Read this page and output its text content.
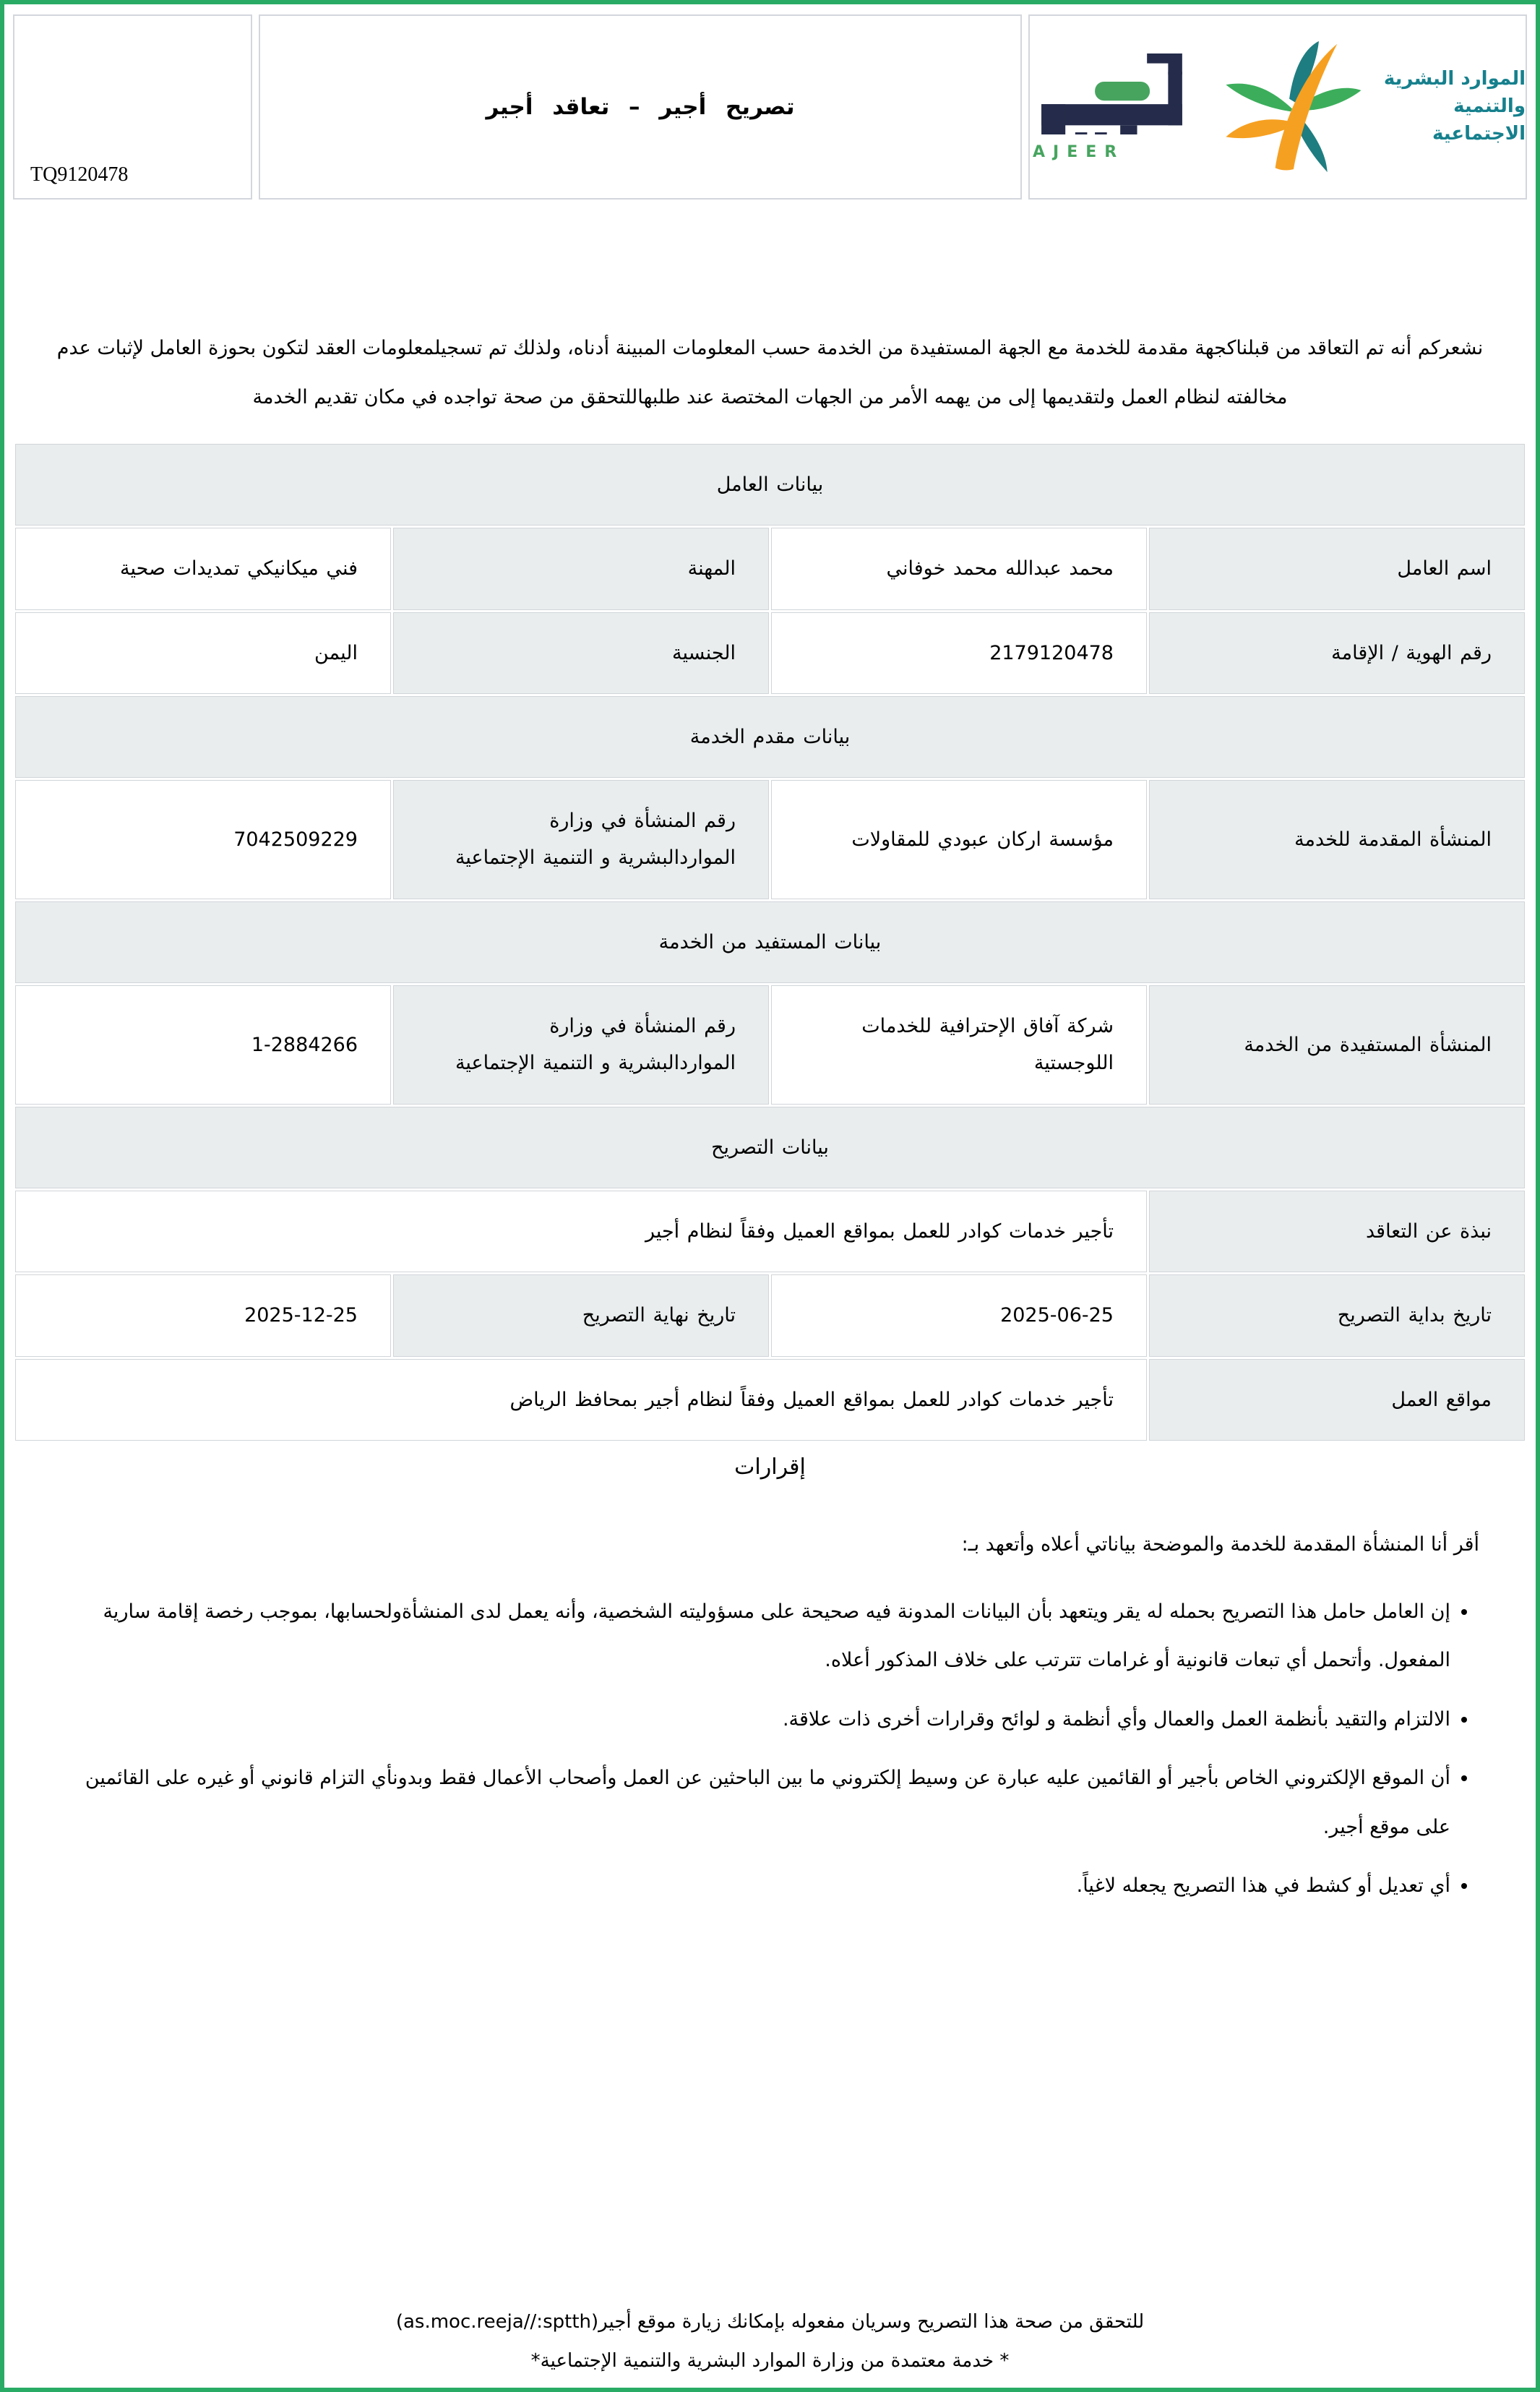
الموارد البشرية
والتنمية الاجتماعية
AJEER
تصريح أجير – تعاقد أجير
TQ9120478
نشعركم أنه تم التعاقد من قبلناكجهة مقدمة للخدمة مع الجهة المستفيدة من الخدمة حسب المعلومات المبينة أدناه، ولذلك تم تسجيلمعلومات العقد لتكون بحوزة العامل لإثبات عدم مخالفته لنظام العمل ولتقديمها إلى من يهمه الأمر من الجهات المختصة عند طلبهاللتحقق من صحة تواجده في مكان تقديم الخدمة
بيانات العامل			
اسم العامل	محمد عبدالله محمد خوفاني	المهنة	فني ميكانيكي تمديدات صحية
رقم الهوية / الإقامة	2179120478	الجنسية	اليمن
بيانات مقدم الخدمة			
المنشأة المقدمة للخدمة	مؤسسة اركان عبودي للمقاولات	رقم المنشأة في وزارة المواردالبشرية و التنمية الإجتماعية	7042509229
بيانات المستفيد من الخدمة			
المنشأة المستفيدة من الخدمة	شركة آفاق الإحترافية للخدمات اللوجستية	رقم المنشأة في وزارة المواردالبشرية و التنمية الإجتماعية	1-2884266
بيانات التصريح			
نبذة عن التعاقد	تأجير خدمات كوادر للعمل بمواقع العميل وفقاً لنظام أجير		
تاريخ بداية التصريح	2025-06-25	تاريخ نهاية التصريح	2025-12-25
مواقع العمل	تأجير خدمات كوادر للعمل بمواقع العميل وفقاً لنظام أجير بمحافظ الرياض		
إقرارات
أقر أنا المنشأة المقدمة للخدمة والموضحة بياناتي أعلاه وأتعهد بـ:
• إن العامل حامل هذا التصريح بحمله له يقر ويتعهد بأن البيانات المدونة فيه صحيحة على مسؤوليته الشخصية، وأنه يعمل لدى المنشأةولحسابها، بموجب رخصة إقامة سارية المفعول. وأتحمل أي تبعات قانونية أو غرامات تترتب على خلاف المذكور أعلاه.
• الالتزام والتقيد بأنظمة العمل والعمال وأي أنظمة و لوائح وقرارات أخرى ذات علاقة.
• أن الموقع الإلكتروني الخاص بأجير أو القائمين عليه عبارة عن وسيط إلكتروني ما بين الباحثين عن العمل وأصحاب الأعمال فقط وبدونأي التزام قانوني أو غيره على القائمين على موقع أجير.
• أي تعديل أو كشط في هذا التصريح يجعله لاغياً.
للتحقق من صحة هذا التصريح وسريان مفعوله بإمكانك زيارة موقع أجير(as.moc.reeja//:sptth)
* خدمة معتمدة من وزارة الموارد البشرية والتنمية الإجتماعية*
